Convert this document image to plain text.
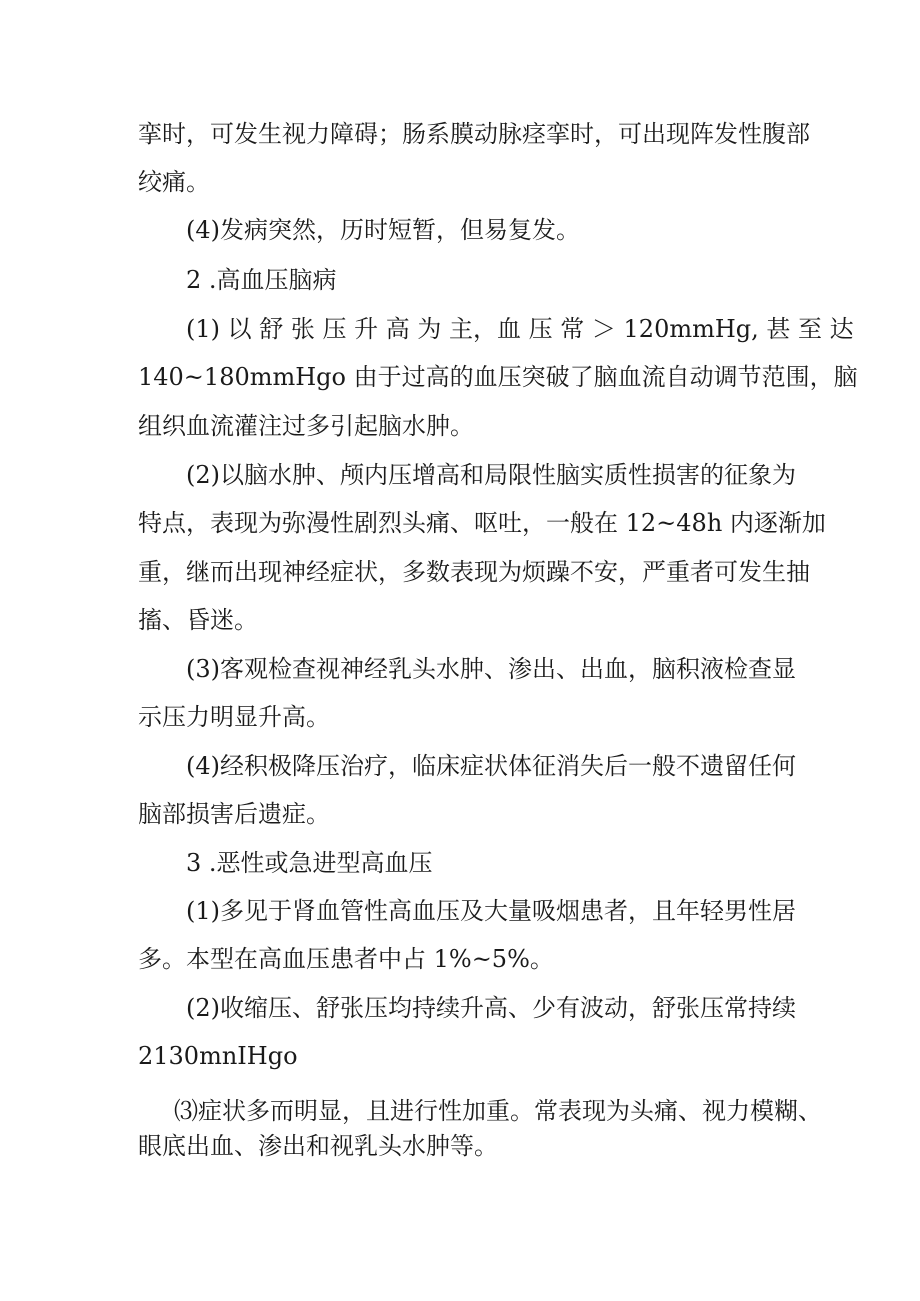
挛时，可发生视力障碍；肠系膜动脉痉挛时，可出现阵发性腹部
绞痛。
(4)发病突然，历时短暂，但易复发。
2 .高血压脑病
(1) 以 舒 张 压 升 高 为 主，血 压 常 ＞ 120mmHg, 甚 至 达
140~180mmHgo 由于过高的血压突破了脑血流自动调节范围，脑
组织血流灌注过多引起脑水肿。
(2)以脑水肿、颅内压增高和局限性脑实质性损害的征象为
特点，表现为弥漫性剧烈头痛、呕吐，一般在 12~48h 内逐渐加
重，继而出现神经症状，多数表现为烦躁不安，严重者可发生抽
搐、昏迷。
(3)客观检查视神经乳头水肿、渗出、出血，脑积液检查显
示压力明显升高。
(4)经积极降压治疗，临床症状体征消失后一般不遗留任何
脑部损害后遗症。
3 .恶性或急进型高血压
(1)多见于肾血管性高血压及大量吸烟患者，且年轻男性居
多。本型在高血压患者中占 1%~5%。
(2)收缩压、舒张压均持续升高、少有波动，舒张压常持续
2130mnIHgo
⑶症状多而明显，且进行性加重。常表现为头痛、视力模糊、
眼底出血、渗出和视乳头水肿等。
